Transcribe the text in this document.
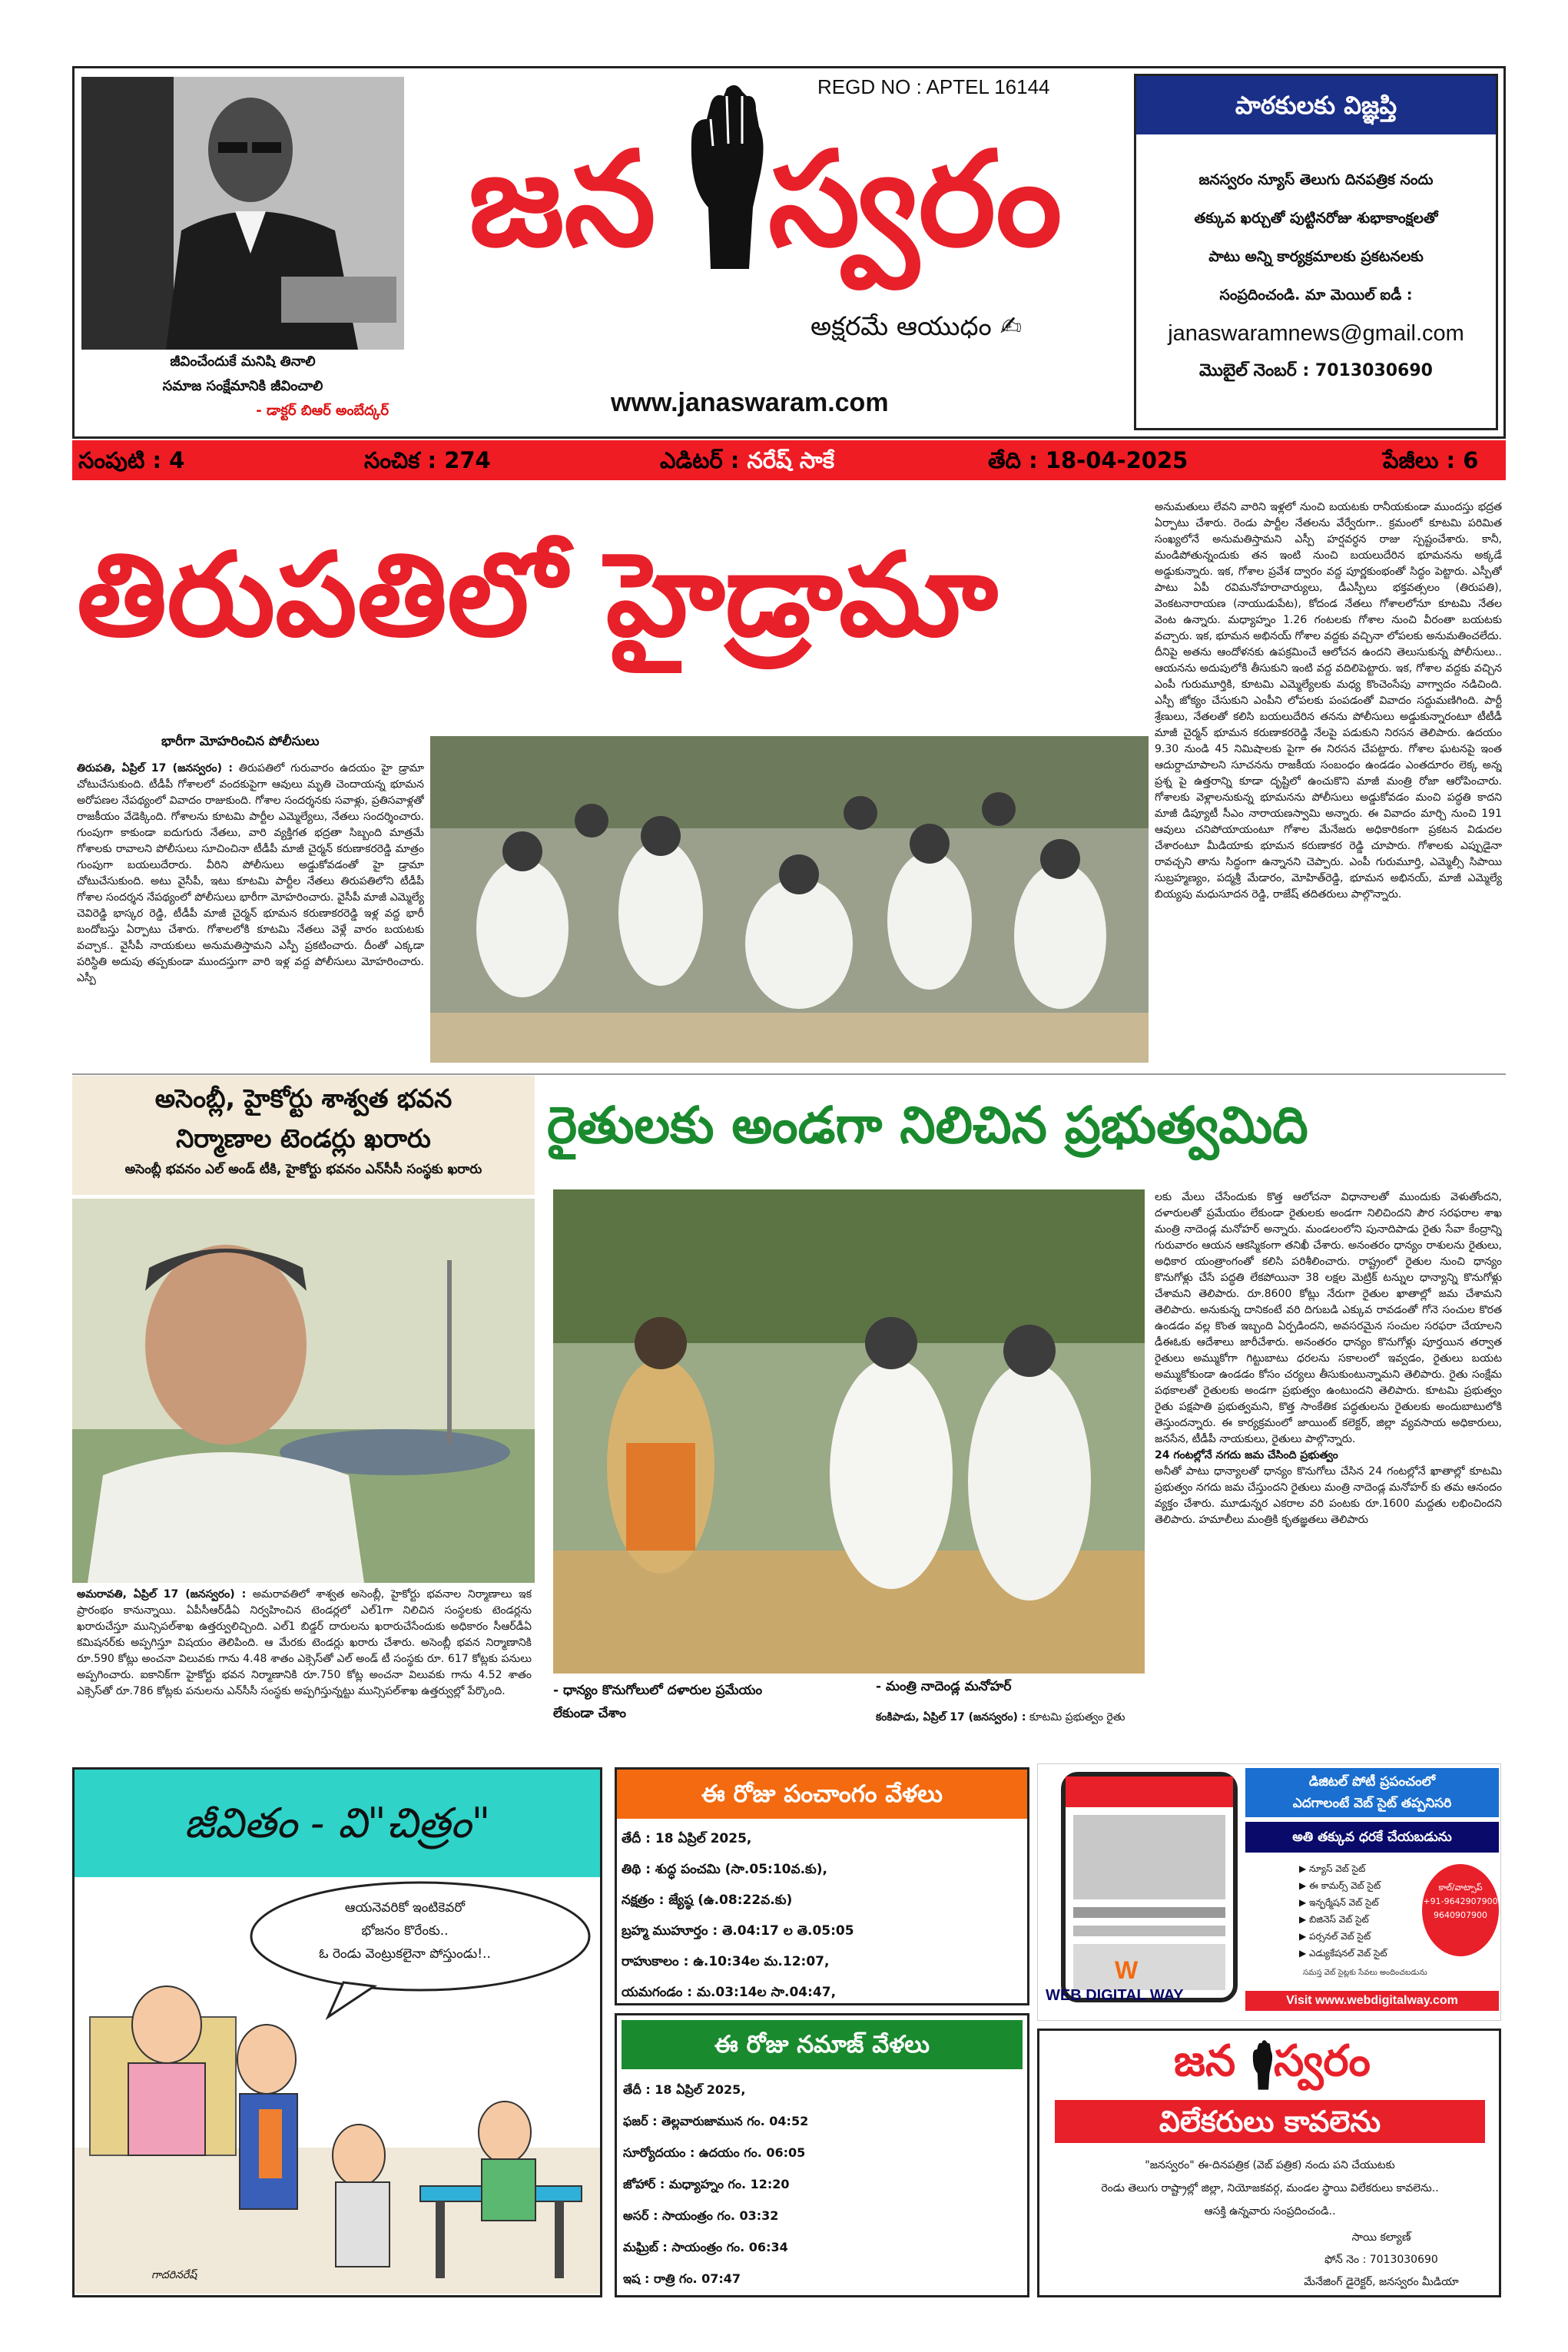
జీవించేందుకే మనిషి తినాలి
సమాజ సంక్షేమానికి జీవించాలి
- డాక్టర్ బిఆర్ అంబేద్కర్
REGD NO : APTEL 16144
జన	పవర్ స్వరం
అక్షరమే ఆయుధం ✍
www.janaswaram.com
పాఠకులకు విజ్ఞప్తి
జనస్వరం న్యూస్ తెలుగు దినపత్రిక నందు
తక్కువ ఖర్చుతో పుట్టినరోజు శుభాకాంక్షలతో
పాటు అన్ని కార్యక్రమాలకు ప్రకటనలకు
సంప్రదించండి. మా మెయిల్ ఐడీ :
janaswaramnews@gmail.com
మొబైల్ నెంబర్ : 7013030690
సంపుటి : 4	సంచిక : 274	ఎడిటర్ : నరేష్ సాకే	తేది : 18-04-2025	పేజీలు : 6
తిరుపతిలో హైడ్రామా
భారీగా మోహరించిన పోలీసులు
తిరుపతి, ఏప్రిల్ 17 (జనస్వరం) : తిరుపతిలో గురువారం ఉదయం హై డ్రామా చోటుచేసుకుంది. టీడీపీ గోశాలలో వందకుపైగా ఆవులు మృతి చెందాయన్న భూమన అరోపణల నేపథ్యంలో వివాదం రాజుకుంది. గోశాల సందర్శనకు సవాళ్లు, ప్రతిసవాళ్లతో రాజకీయం వేడెక్కింది. గోశాలను కూటమి పార్టీల ఎమ్మెల్యేలు, నేతలు సందర్శించారు. గుంపుగా కాకుండా ఐదుగురు నేతలు, వారి వ్యక్తిగత భద్రతా సిబ్బంది మాత్రమే గోశాలకు రావాలని పోలీసులు సూచించినా టీడీపీ మాజీ చైర్మన్ కరుణాకరరెడ్డి మాత్రం గుంపుగా బయలుదేరారు. వీరిని పోలీసులు అడ్డుకోవడంతో హై డ్రామా చోటుచేసుకుంది. అటు వైసీపీ, ఇటు కూటమి పార్టీల నేతలు తిరుపతిలోని టీడీపీ గోశాల సందర్శన నేపథ్యంలో పోలీసులు భారీగా మోహరించారు. వైసీపీ మాజీ ఎమ్మెల్యే చెవిరెడ్డి భాస్కర రెడ్డి, టీడీపీ మాజీ చైర్మన్ భూమన కరుణాకరరెడ్డి ఇళ్ల వద్ద భారీ బందోబస్తు ఏర్పాటు చేశారు. గోశాలలోకి కూటమి నేతలు వెళ్లే వారం బయటకు వచ్చాక.. వైసీపీ నాయకులు అనుమతిస్తామని ఎస్పీ ప్రకటించారు. దీంతో ఎక్కడా పరిస్థితి అదుపు తప్పకుండా ముందస్తుగా వారి ఇళ్ల వద్ద పోలీసులు మోహరించారు. ఎస్పీ
అనుమతులు లేవని వారిని ఇళ్లలో నుంచి బయటకు రానీయకుండా ముందస్తు భద్రత ఏర్పాటు చేశారు. రెండు పార్టీల నేతలను వేర్వేరుగా.. క్రమంలో కూటమి పరిమిత సంఖ్యలోనే అనుమతిస్తామని ఎస్పీ హర్షవర్ధన రాజు స్పష్టంచేశారు. కానీ, మండిపోతున్నందుకు తన ఇంటి నుంచి బయలుదేరిన భూమనను అక్కడే అడ్డుకున్నారు. ఇక, గోశాల ప్రవేశ ద్వారం వద్ద పూర్ణకుంభంతో సిద్ధం పెట్టారు. ఎస్పీతో పాటు ఏపీ రవిమనోహరాచార్యులు, డీఎస్పీలు భక్తవత్సలం (తిరుపతి), వెంకటనారాయణ (నాయుడుపేట), కోదండ నేతలు గోశాలలోనూ కూటమి నేతల వెంట ఉన్నారు. మధ్యాహ్నం 1.26 గంటలకు గోశాల నుంచి వీరంతా బయటకు వచ్చారు. ఇక, భూమన అభినయ్ గోశాల వద్దకు వచ్చినా లోపలకు అనుమతించలేదు. దీనిపై అతను ఆందోళనకు ఉపక్రమించే ఆలోచన ఉందని తెలుసుకున్న పోలీసులు.. ఆయనను అదుపులోకి తీసుకుని ఇంటి వద్ద వదిలిపెట్టారు. ఇక, గోశాల వద్దకు వచ్చిన ఎంపీ గురుమూర్తికి, కూటమి ఎమ్మెల్యేలకు మధ్య కొంచెంసేపు వాగ్వాదం నడిచింది. ఎస్పీ జోక్యం చేసుకుని ఎంపీని లోపలకు పంపడంతో వివాదం సద్దుమణిగింది. పార్టీ శ్రేణులు, నేతలతో కలిసి బయలుదేరిన తనను పోలీసులు అడ్డుకున్నారంటూ టీటీడీ మాజీ చైర్మన్ భూమన కరుణాకరరెడ్డి నేలపై పడుకుని నిరసన తెలిపారు. ఉదయం 9.30 నుండి 45 నిమిషాలకు పైగా ఈ నిరసన చేపట్టారు. గోశాల ఘటనపై ఇంత ఆదుర్దాచూపాలని సూచనను రాజకీయ సంబంధం ఉండడం ఎంతదూరం లెక్క అన్న ప్రశ్న పై ఉత్తరాన్ని కూడా దృష్టిలో ఉంచుకొని మాజీ మంత్రి రోజా ఆరోపించారు. గోశాలకు వెళ్లాలనుకున్న భూమనను పోలీసులు అడ్డుకోవడం మంచి పద్ధతి కాదని మాజీ డిప్యూటీ సీఎం నారాయణస్వామి అన్నారు. ఈ వివాదం మార్చి నుంచి 191 ఆవులు చనిపోయాయంటూ గోశాల మేనేజరు అధికారికంగా ప్రకటన విడుదల చేశారంటూ మీడియాకు భూమన కరుణాకర రెడ్డి చూపారు. గోశాలకు ఎప్పుడైనా రావచ్చని తాను సిద్ధంగా ఉన్నానని చెప్పారు. ఎంపీ గురుమూర్తి, ఎమ్మెల్సీ సిపాయి సుబ్రహ్మణ్యం, పద్మశ్రీ మేడారం, మోహిత్‌రెడ్డి, భూమన అభినయ్, మాజీ ఎమ్మెల్యే బియ్యపు మధుసూదన రెడ్డి, రాజేష్ తదితరులు పాల్గొన్నారు.
అసెంబ్లీ, హైకోర్టు శాశ్వత భవన
నిర్మాణాల టెండర్లు ఖరారు
అసెంబ్లీ భవనం ఎల్ అండ్ టీకి, హైకోర్టు భవనం ఎన్‌సీసీ సంస్థకు ఖరారు
అమరావతి, ఏప్రిల్ 17 (జనస్వరం) : అమరావతిలో శాశ్వత అసెంబ్లీ, హైకోర్టు భవనాల నిర్మాణాలు ఇక ప్రారంభం కానున్నాయి. ఏపీసీఆర్‌డీఏ నిర్వహించిన టెండర్లలో ఎల్1గా నిలిచిన సంస్థలకు టెండర్లను ఖరారుచేస్తూ మున్సిపల్‌శాఖ ఉత్తర్వులిచ్చింది. ఎల్1 బిడ్డర్ దారులను ఖరారుచేసేందుకు అధికారం సీఆర్‌డీఏ కమిషనర్‌కు అప్పగిస్తూ విషయం తెలిపింది. ఆ మేరకు టెండర్లు ఖరారు చేశారు. అసెంబ్లీ భవన నిర్మాణానికి రూ.590 కోట్లు అంచనా విలువకు గాను 4.48 శాతం ఎక్సెస్‌తో ఎల్ అండ్ టీ సంస్థకు రూ. 617 కోట్లకు పనులు అప్పగించారు. ఐకానిక్‌గా హైకోర్టు భవన నిర్మాణానికి రూ.750 కోట్ల అంచనా విలువకు గాను 4.52 శాతం ఎక్సెస్‌తో రూ.786 కోట్లకు పనులను ఎన్‌సీసీ సంస్థకు అప్పగిస్తున్నట్టు మున్సిపల్‌శాఖ ఉత్తర్వుల్లో పేర్కొంది.
రైతులకు అండగా నిలిచిన ప్రభుత్వమిది
- ధాన్యం కొనుగోలులో దళారుల ప్రమేయం
లేకుండా చేశాం
- మంత్రి నాదెండ్ల మనోహర్
కంకిపాడు, ఏప్రిల్ 17 (జనస్వరం) : కూటమి ప్రభుత్వం రైతు
లకు మేలు చేసేందుకు కొత్త ఆలోచనా విధానాలతో ముందుకు వెళుతోందని, దళారులతో ప్రమేయం లేకుండా రైతులకు అండగా నిలిచిందని పౌర సరఫరాల శాఖ మంత్రి నాదెండ్ల మనోహర్ అన్నారు. మండలంలోని పునాదిపాడు రైతు సేవా కేంద్రాన్ని గురువారం ఆయన ఆకస్మికంగా తనిఖీ చేశారు. అనంతరం ధాన్యం రాశులను రైతులు, అధికార యంత్రాంగంతో కలిసి పరిశీలించారు. రాష్ట్రంలో రైతుల నుంచి ధాన్యం కొనుగోళ్లు చేసే పద్ధతి లేకపోయినా 38 లక్షల మెట్రిక్ టన్నుల ధాన్యాన్ని కొనుగోళ్లు చేశామని తెలిపారు. రూ.8600 కోట్లు నేరుగా రైతుల ఖాతాల్లో జమ చేశామని తెలిపారు. అనుకున్న దానికంటే వరి దిగుబడి ఎక్కువ రావడంతో గోనె సంచుల కొరత ఉండడం వల్ల కొంత ఇబ్బంది ఏర్పడిందని, అవసరమైన సంచుల సరఫరా చేయాలని డీఈఓకు ఆదేశాలు జారీచేశారు. అనంతరం ధాన్యం కొనుగోళ్లు పూర్తయిన తర్వాత రైతులు అమ్ముకోగా గిట్టుబాటు ధరలను సకాలంలో ఇవ్వడం, రైతులు బయట అమ్ముకోకుండా ఉండడం కోసం చర్యలు తీసుకుంటున్నామని తెలిపారు. రైతు సంక్షేమ పథకాలతో రైతులకు అండగా ప్రభుత్వం ఉంటుందని తెలిపారు. కూటమి ప్రభుత్వం రైతు పక్షపాతి ప్రభుత్వమని, కొత్త సాంకేతిక పద్ధతులను రైతులకు అందుబాటులోకి తెస్తుందన్నారు. ఈ కార్యక్రమంలో జాయింట్ కలెక్టర్, జిల్లా వ్యవసాయ అధికారులు, జనసేన, టీడీపీ నాయకులు, రైతులు పాల్గొన్నారు.
24 గంటల్లోనే నగదు జమ చేసింది ప్రభుత్వం
అనీతో పాటు ధాన్యాలతో ధాన్యం కొనుగోలు చేసిన 24 గంటల్లోనే ఖాతాల్లో కూటమి ప్రభుత్వం నగదు జమ చేస్తుందని రైతులు మంత్రి నాదెండ్ల మనోహర్ కు తమ ఆనందం వ్యక్తం చేశారు. మూడున్నర ఎకరాల వరి పంటకు రూ.1600 మద్దతు లభించిందని తెలిపారు. హమాలీలు మంత్రికి కృతజ్ఞతలు తెలిపారు
జీవితం - వి"చిత్రం"
ఆయనెవరికో ఇంటికెవరో
భోజనం కొరేంకు..
ఓ రెండు వెంట్రుకలైనా పోస్తుండు!..
గాదరినరేష్
ఈ రోజు పంచాంగం వేళలు
తేదీ : 18 ఏప్రిల్ 2025,
తిథి : శుద్ధ పంచమి (సా.05:10వ.కు),
నక్షత్రం : జ్యేష్ఠ (ఉ.08:22వ.కు)
బ్రహ్మ ముహూర్తం : తె.04:17 ల తె.05:05
రాహుకాలం : ఉ.10:34ల మ.12:07,
యమగండం : మ.03:14ల సా.04:47,
ఈ రోజు నమాజ్ వేళలు
తేదీ : 18 ఏప్రిల్ 2025,
ఫజర్ : తెల్లవారుజామున గం. 04:52
సూర్యోదయం : ఉదయం గం. 06:05
జోహార్ : మధ్యాహ్నం గం. 12:20
అసర్ : సాయంత్రం గం. 03:32
మఘ్రిబ్ : సాయంత్రం గం. 06:34
ఇష : రాత్రి గం. 07:47
డిజిటల్ పోటీ ప్రపంచంలో
ఎదగాలంటే వెబ్ సైట్ తప్పనిసరి
అతి తక్కువ ధరకే చేయబడును
▶ న్యూస్ వెబ్ సైట్
▶ ఈ కామర్స్ వెబ్ సైట్
▶ ఇన్ఫర్మేషన్ వెబ్ సైట్
▶ బిజినెస్ వెబ్ సైట్
▶ పర్సనల్ వెబ్ సైట్
▶ ఎడ్యుకేషనల్ వెబ్ సైట్
కాల్/వాట్సాప్
+91-9642907900
9640907900
W
WEB DIGITAL WAY	Visit www.webdigitalway.com
సమస్త వెబ్ సైట్లకు సేవలు అందించబడును
జన స్వరం
విలేకరులు కావలెను
"జనస్వరం" ఈ-దినపత్రిక (వెబ్ పత్రిక) నందు పని చేయుటకు
రెండు తెలుగు రాష్ట్రాల్లో జిల్లా, నియోజకవర్గ, మండల స్థాయి విలేకరులు కావలెను..
ఆసక్తి ఉన్నవారు సంప్రదించండి..
సాయి కల్యాణ్
ఫోన్ నెం : 7013030690
మేనేజింగ్ డైరెక్టర్, జనస్వరం మీడియా
